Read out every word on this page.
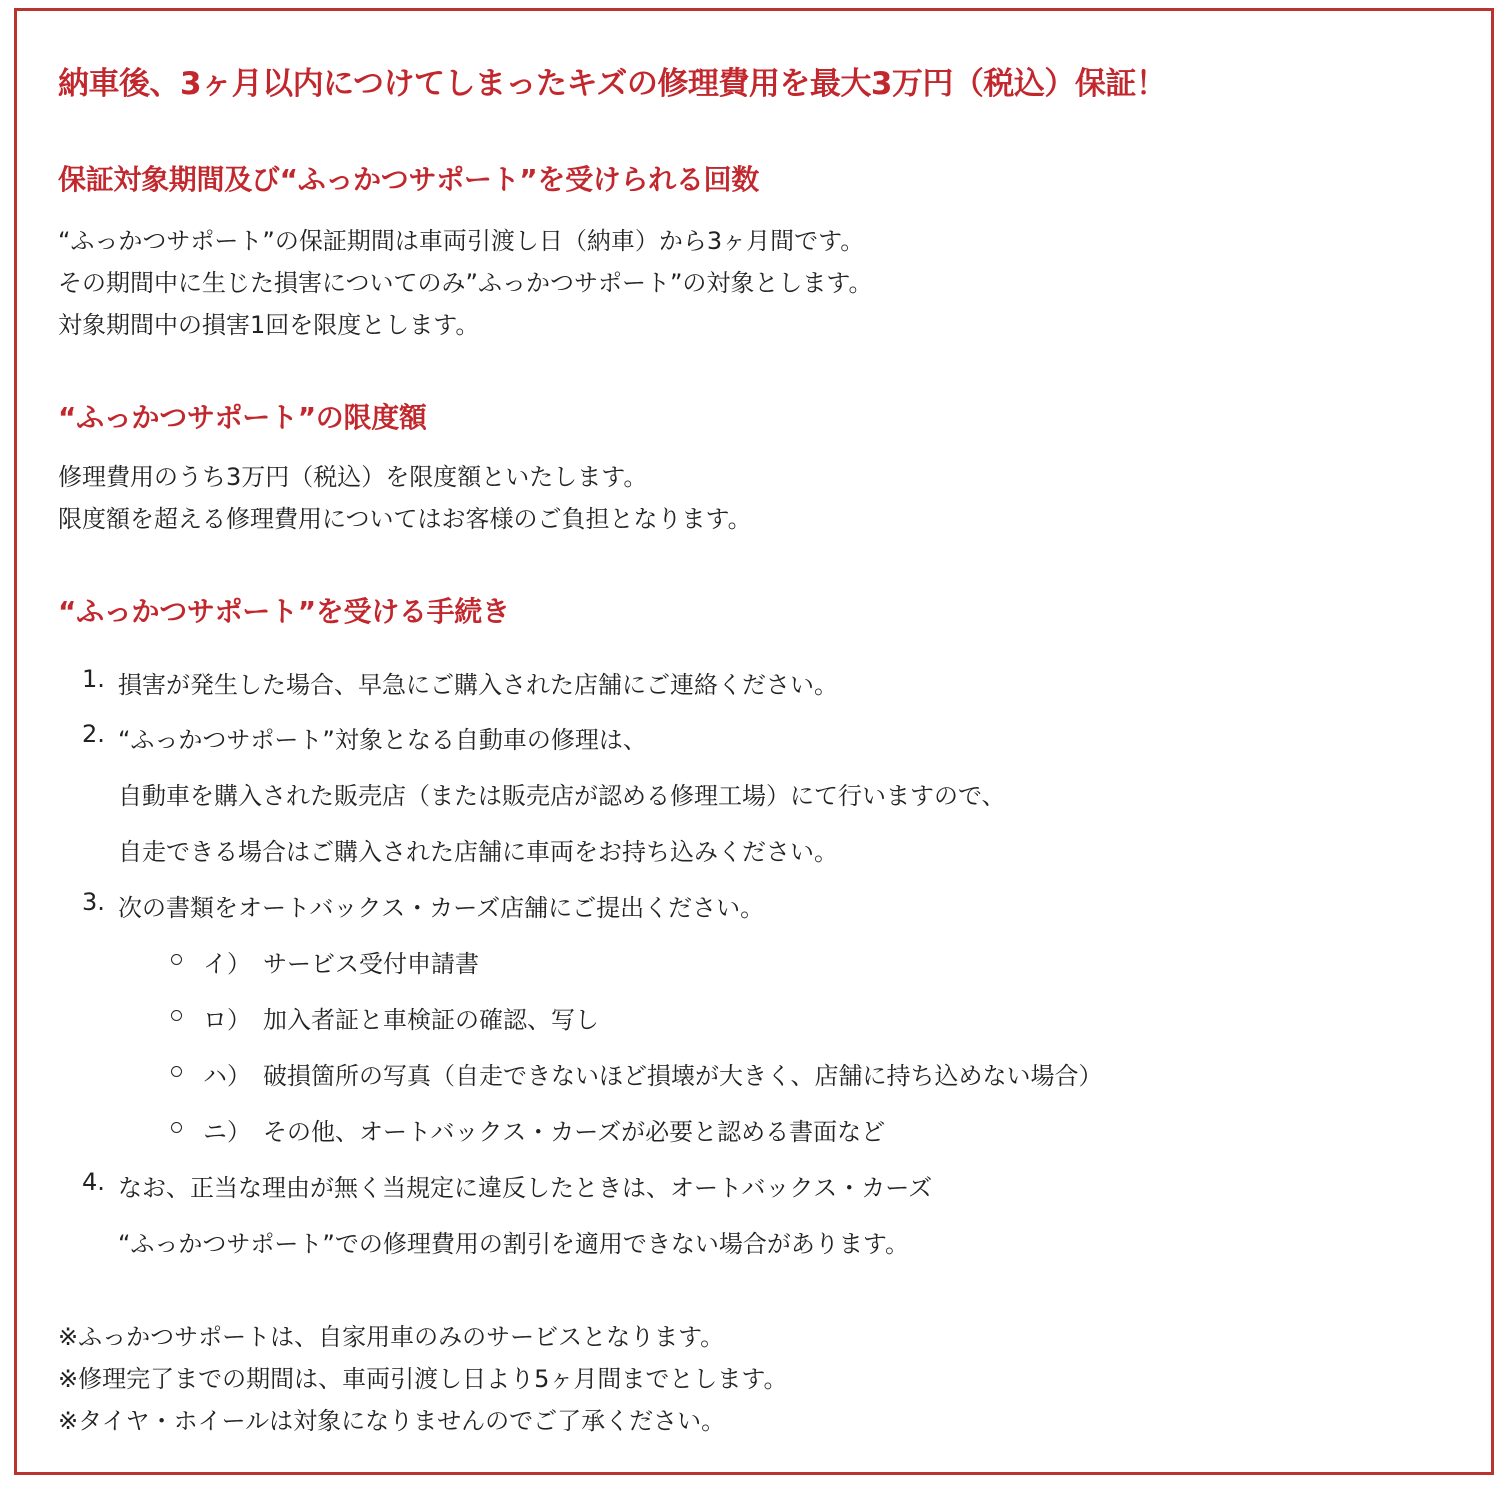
納車後、3ヶ月以内につけてしまったキズの修理費用を最大3万円（税込）保証！
保証対象期間及び“ふっかつサポート”を受けられる回数
“ふっかつサポート”の保証期間は車両引渡し日（納車）から3ヶ月間です。
その期間中に生じた損害についてのみ”ふっかつサポート”の対象とします。
対象期間中の損害1回を限度とします。
“ふっかつサポート”の限度額
修理費用のうち3万円（税込）を限度額といたします。
限度額を超える修理費用についてはお客様のご負担となります。
“ふっかつサポート”を受ける手続き
1. 損害が発生した場合、早急にご購入された店舗にご連絡ください。
2. “ふっかつサポート”対象となる自動車の修理は、
自動車を購入された販売店（または販売店が認める修理工場）にて行いますので、
自走できる場合はご購入された店舗に車両をお持ち込みください。
3. 次の書類をオートバックス・カーズ店舗にご提出ください。
イ）　サービス受付申請書
ロ）　加入者証と車検証の確認、写し
ハ）　破損箇所の写真（自走できないほど損壊が大きく、店舗に持ち込めない場合）
ニ）　その他、オートバックス・カーズが必要と認める書面など
4. なお、正当な理由が無く当規定に違反したときは、オートバックス・カーズ
“ふっかつサポート”での修理費用の割引を適用できない場合があります。
※ふっかつサポートは、自家用車のみのサービスとなります。
※修理完了までの期間は、車両引渡し日より5ヶ月間までとします。
※タイヤ・ホイールは対象になりませんのでご了承ください。
